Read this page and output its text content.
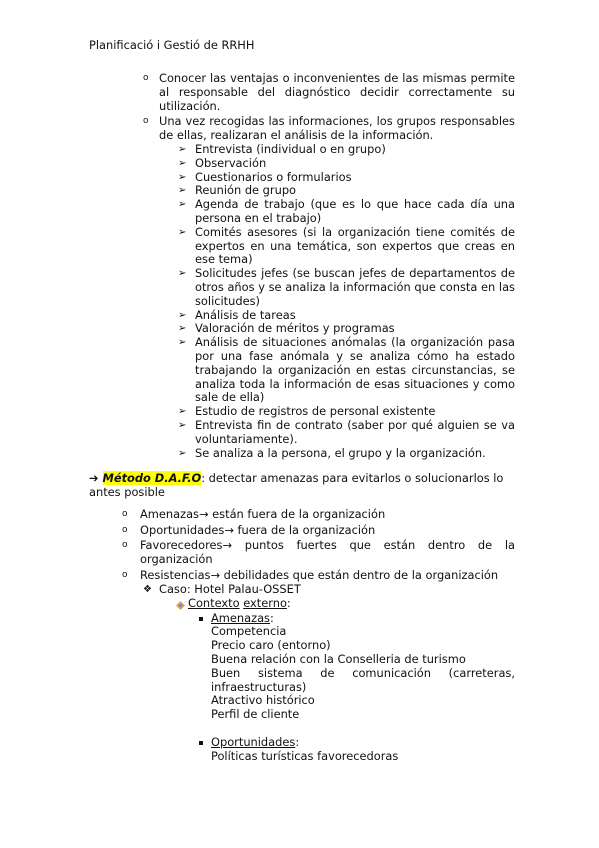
Planificació i Gestió de RRHH
o Conocer las ventajas o inconvenientes de las mismas permite
al responsable del diagnóstico decidir correctamente su
utilización.
o Una vez recogidas las informaciones, los grupos responsables
de ellas, realizaran el análisis de la información.
➢ Entrevista (individual o en grupo)
➢ Observación
➢ Cuestionarios o formularios
➢ Reunión de grupo
➢ Agenda de trabajo (que es lo que hace cada día una
persona en el trabajo)
➢ Comités asesores (si la organización tiene comités de
expertos en una temática, son expertos que creas en
ese tema)
➢ Solicitudes jefes (se buscan jefes de departamentos de
otros años y se analiza la información que consta en las
solicitudes)
➢ Análisis de tareas
➢ Valoración de méritos y programas
➢ Análisis de situaciones anómalas (la organización pasa
por una fase anómala y se analiza cómo ha estado
trabajando la organización en estas circunstancias, se
analiza toda la información de esas situaciones y como
sale de ella)
➢ Estudio de registros de personal existente
➢ Entrevista fin de contrato (saber por qué alguien se va
voluntariamente).
➢ Se analiza a la persona, el grupo y la organización.
➔ Método D.A.F.O: detectar amenazas para evitarlos o solucionarlos lo
antes posible
o Amenazas→ están fuera de la organización
o Oportunidades→ fuera de la organización
o Favorecedores→ puntos fuertes que están dentro de la
organización
o Resistencias→ debilidades que están dentro de la organización
❖ Caso: Hotel Palau-OSSET
Contexto externo:
Amenazas:
Competencia
Precio caro (entorno)
Buena relación con la Conselleria de turismo
Buen sistema de comunicación (carreteras,
infraestructuras)
Atractivo histórico
Perfil de cliente
Oportunidades:
Políticas turísticas favorecedoras
